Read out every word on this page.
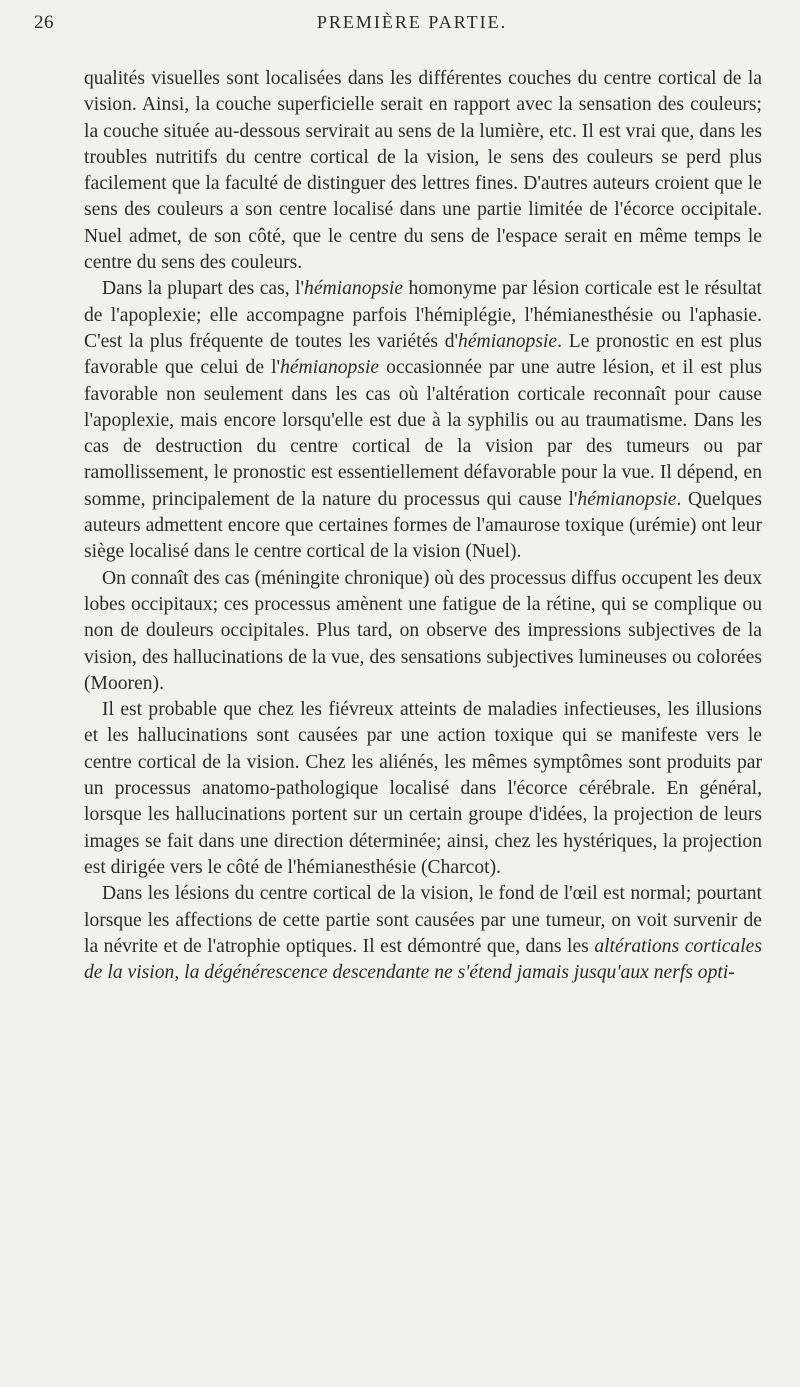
26	PREMIÈRE PARTIE.

qualités visuelles sont localisées dans les différentes couches du centre cortical de la vision. Ainsi, la couche superficielle serait en rapport avec la sensation des couleurs; la couche située au-dessous servirait au sens de la lumière, etc. Il est vrai que, dans les troubles nutritifs du centre cortical de la vision, le sens des couleurs se perd plus facilement que la faculté de distinguer des lettres fines. D'autres auteurs croient que le sens des couleurs a son centre localisé dans une partie limitée de l'écorce occipitale. Nuel admet, de son côté, que le centre du sens de l'espace serait en même temps le centre du sens des couleurs.

Dans la plupart des cas, l'hémianopsie homonyme par lésion corticale est le résultat de l'apoplexie; elle accompagne parfois l'hémiplégie, l'hémianesthésie ou l'aphasie. C'est la plus fréquente de toutes les variétés d'hémianopsie. Le pronostic en est plus favorable que celui de l'hémianopsie occasionnée par une autre lésion, et il est plus favorable non seulement dans les cas où l'altération corticale reconnaît pour cause l'apoplexie, mais encore lorsqu'elle est due à la syphilis ou au traumatisme. Dans les cas de destruction du centre cortical de la vision par des tumeurs ou par ramollissement, le pronostic est essentiellement défavorable pour la vue. Il dépend, en somme, principalement de la nature du processus qui cause l'hémianopsie. Quelques auteurs admettent encore que certaines formes de l'amaurose toxique (urémie) ont leur siège localisé dans le centre cortical de la vision (Nuel).

On connaît des cas (méningite chronique) où des processus diffus occupent les deux lobes occipitaux; ces processus amènent une fatigue de la rétine, qui se complique ou non de douleurs occipitales. Plus tard, on observe des impressions subjectives de la vision, des hallucinations de la vue, des sensations subjectives lumineuses ou colorées (Mooren).

Il est probable que chez les fiévreux atteints de maladies infectieuses, les illusions et les hallucinations sont causées par une action toxique qui se manifeste vers le centre cortical de la vision. Chez les aliénés, les mêmes symptômes sont produits par un processus anatomo-pathologique localisé dans l'écorce cérébrale. En général, lorsque les hallucinations portent sur un certain groupe d'idées, la projection de leurs images se fait dans une direction déterminée; ainsi, chez les hystériques, la projection est dirigée vers le côté de l'hémianesthésie (Charcot).

Dans les lésions du centre cortical de la vision, le fond de l'œil est normal; pourtant lorsque les affections de cette partie sont causées par une tumeur, on voit survenir de la névrite et de l'atrophie optiques. Il est démontré que, dans les altérations corticales de la vision, la dégénérescence descendante ne s'étend jamais jusqu'aux nerfs opti-
